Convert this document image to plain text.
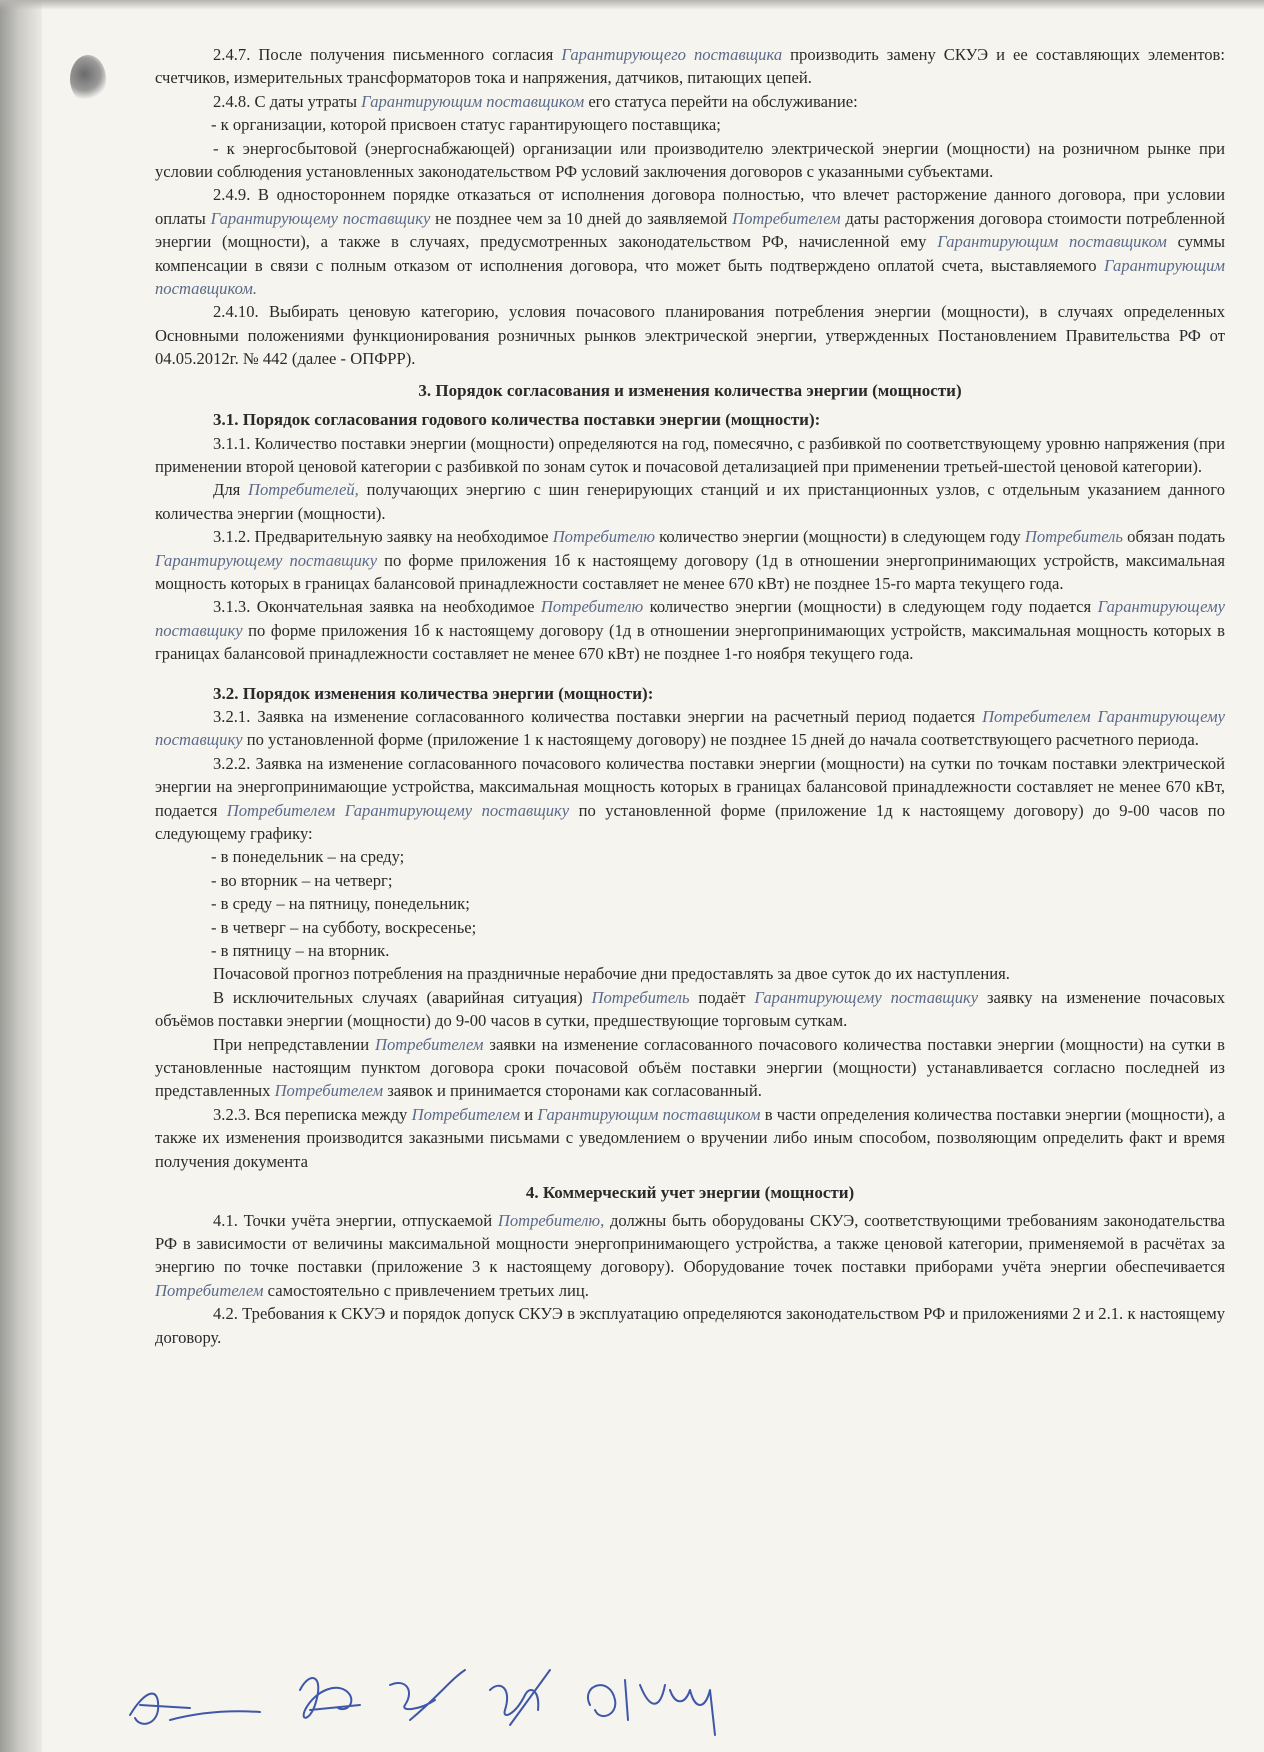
2.4.7. После получения письменного согласия Гарантирующего поставщика производить замену СКУЭ и ее составляющих элементов: счетчиков, измерительных трансформаторов тока и напряжения, датчиков, питающих цепей.

2.4.8. С даты утраты Гарантирующим поставщиком его статуса перейти на обслуживание:

- к организации, которой присвоен статус гарантирующего поставщика;

- к энергосбытовой (энергоснабжающей) организации или производителю электрической энергии (мощности) на розничном рынке при условии соблюдения установленных законодательством РФ условий заключения договоров с указанными субъектами.

2.4.9. В одностороннем порядке отказаться от исполнения договора полностью, что влечет расторжение данного договора, при условии оплаты Гарантирующему поставщику не позднее чем за 10 дней до заявляемой Потребителем даты расторжения договора стоимости потребленной энергии (мощности), а также в случаях, предусмотренных законодательством РФ, начисленной ему Гарантирующим поставщиком суммы компенсации в связи с полным отказом от исполнения договора, что может быть подтверждено оплатой счета, выставляемого Гарантирующим поставщиком.

2.4.10. Выбирать ценовую категорию, условия почасового планирования потребления энергии (мощности), в случаях определенных Основными положениями функционирования розничных рынков электрической энергии, утвержденных Постановлением Правительства РФ от 04.05.2012г. № 442 (далее - ОПФРР).

3. Порядок согласования и изменения количества энергии (мощности)

3.1. Порядок согласования годового количества поставки энергии (мощности):

3.1.1. Количество поставки энергии (мощности) определяются на год, помесячно, с разбивкой по соответствующему уровню напряжения (при применении второй ценовой категории с разбивкой по зонам суток и почасовой детализацией при применении третьей-шестой ценовой категории).

Для Потребителей, получающих энергию с шин генерирующих станций и их пристанционных узлов, с отдельным указанием данного количества энергии (мощности).

3.1.2. Предварительную заявку на необходимое Потребителю количество энергии (мощности) в следующем году Потребитель обязан подать Гарантирующему поставщику по форме приложения 1б к настоящему договору (1д в отношении энергопринимающих устройств, максимальная мощность которых в границах балансовой принадлежности составляет не менее 670 кВт) не позднее 15-го марта текущего года.

3.1.3. Окончательная заявка на необходимое Потребителю количество энергии (мощности) в следующем году подается Гарантирующему поставщику по форме приложения 1б к настоящему договору (1д в отношении энергопринимающих устройств, максимальная мощность которых в границах балансовой принадлежности составляет не менее 670 кВт) не позднее 1-го ноября текущего года.

3.2. Порядок изменения количества энергии (мощности):

3.2.1. Заявка на изменение согласованного количества поставки энергии на расчетный период подается Потребителем Гарантирующему поставщику по установленной форме (приложение 1 к настоящему договору) не позднее 15 дней до начала соответствующего расчетного периода.

3.2.2. Заявка на изменение согласованного почасового количества поставки энергии (мощности) на сутки по точкам поставки электрической энергии на энергопринимающие устройства, максимальная мощность которых в границах балансовой принадлежности составляет не менее 670 кВт, подается Потребителем Гарантирующему поставщику по установленной форме (приложение 1д к настоящему договору) до 9-00 часов по следующему графику:

- в понедельник – на среду;

- во вторник – на четверг;

- в среду – на пятницу, понедельник;

- в четверг – на субботу, воскресенье;

- в пятницу – на вторник.

Почасовой прогноз потребления на праздничные нерабочие дни предоставлять за двое суток до их наступления.

В исключительных случаях (аварийная ситуация) Потребитель подаёт Гарантирующему поставщику заявку на изменение почасовых объёмов поставки энергии (мощности) до 9-00 часов в сутки, предшествующие торговым суткам.

При непредставлении Потребителем заявки на изменение согласованного почасового количества поставки энергии (мощности) на сутки в установленные настоящим пунктом договора сроки почасовой объём поставки энергии (мощности) устанавливается согласно последней из представленных Потребителем заявок и принимается сторонами как согласованный.

3.2.3. Вся переписка между Потребителем и Гарантирующим поставщиком в части определения количества поставки энергии (мощности), а также их изменения производится заказными письмами с уведомлением о вручении либо иным способом, позволяющим определить факт и время получения документа

4. Коммерческий учет энергии (мощности)

4.1. Точки учёта энергии, отпускаемой Потребителю, должны быть оборудованы СКУЭ, соответствующими требованиям законодательства РФ в зависимости от величины максимальной мощности энергопринимающего устройства, а также ценовой категории, применяемой в расчётах за энергию по точке поставки (приложение 3 к настоящему договору). Оборудование точек поставки приборами учёта энергии обеспечивается Потребителем самостоятельно с привлечением третьих лиц.

4.2. Требования к СКУЭ и порядок допуск СКУЭ в эксплуатацию определяются законодательством РФ и приложениями 2 и 2.1. к настоящему договору.
